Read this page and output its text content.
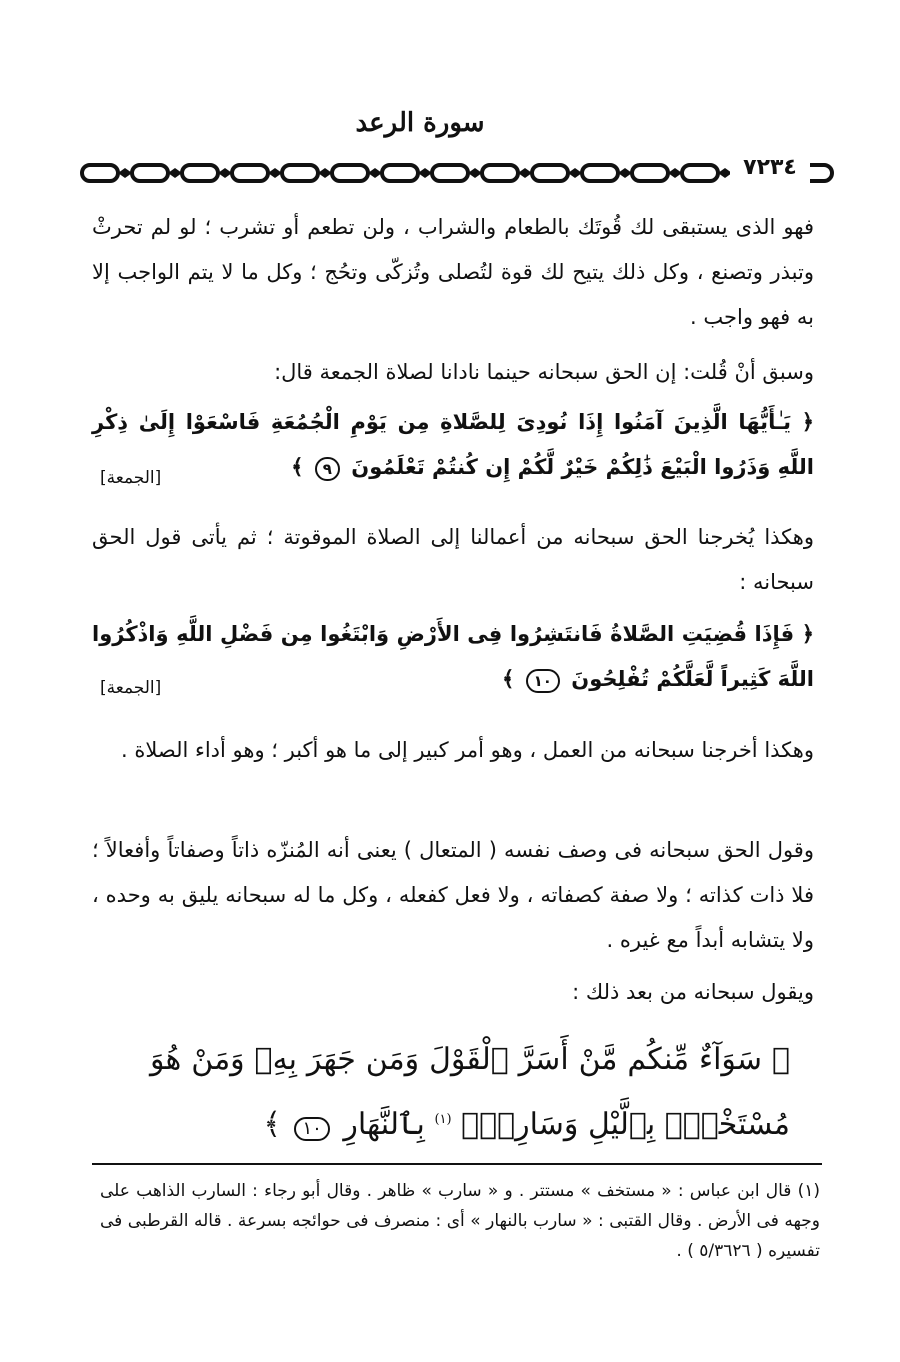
سورة الرعد
٧٢٣٤
فهو الذى يستبقى لك قُوتَك بالطعام والشراب ، ولن تطعم أو تشرب ؛ لو لم تحرثْ وتبذر وتصنع ، وكل ذلك يتيح لك قوة لتُصلى وتُزكّى وتحُج ؛ وكل ما لا يتم الواجب إلا به فهو واجب .
وسبق أنْ قُلت: إن الحق سبحانه حينما نادانا لصلاة الجمعة قال:
﴿ يَـٰأَيُّهَا الَّذِينَ آمَنُوا إِذَا نُودِىَ لِلصَّلاةِ مِن يَوْمِ الْجُمُعَةِ فَاسْعَوْا إِلَىٰ ذِكْرِ اللَّهِ وَذَرُوا الْبَيْعَ ذَٰلِكُمْ خَيْرٌ لَّكُمْ إِن كُنتُمْ تَعْلَمُونَ ٩ ﴾
[الجمعة]
وهكذا يُخرجنا الحق سبحانه من أعمالنا إلى الصلاة الموقوتة ؛ ثم يأتى قول الحق سبحانه :
﴿ فَإِذَا قُضِيَتِ الصَّلاةُ فَانتَشِرُوا فِى الأَرْضِ وَابْتَغُوا مِن فَضْلِ اللَّهِ وَاذْكُرُوا اللَّهَ كَثِيراً لَّعَلَّكُمْ تُفْلِحُونَ ١٠ ﴾
[الجمعة]
وهكذا أخرجنا سبحانه من العمل ، وهو أمر كبير إلى ما هو أكبر ؛ وهو أداء الصلاة .
وقول الحق سبحانه فى وصف نفسه ( المتعال ) يعنى أنه المُنزّه ذاتاً وصفاتاً وأفعالاً ؛ فلا ذات كذاته ؛ ولا صفة كصفاته ، ولا فعل كفعله ، وكل ما له سبحانه يليق به وحده ، ولا يتشابه أبداً مع غيره .
ويقول سبحانه من بعد ذلك :
﴿ سَوَآءٌ مِّنكُم مَّنْ أَسَرَّ ٱلْقَوْلَ وَمَن جَهَرَ بِهِۦ وَمَنْ هُوَ مُسْتَخْفٍۭ بِٱلَّيْلِ وَسَارِبٌۢ $^{(١)}$ بِٱلنَّهَارِ ١٠ ﴾
(١) قال ابن عباس : « مستخف » مستتر . و « سارب » ظاهر . وقال أبو رجاء : السارب الذاهب على وجهه فى الأرض . وقال القتبى : « سارب بالنهار » أى : منصرف فى حوائجه بسرعة . قاله القرطبى فى تفسيره ( ٥/٣٦٢٦ ) .
